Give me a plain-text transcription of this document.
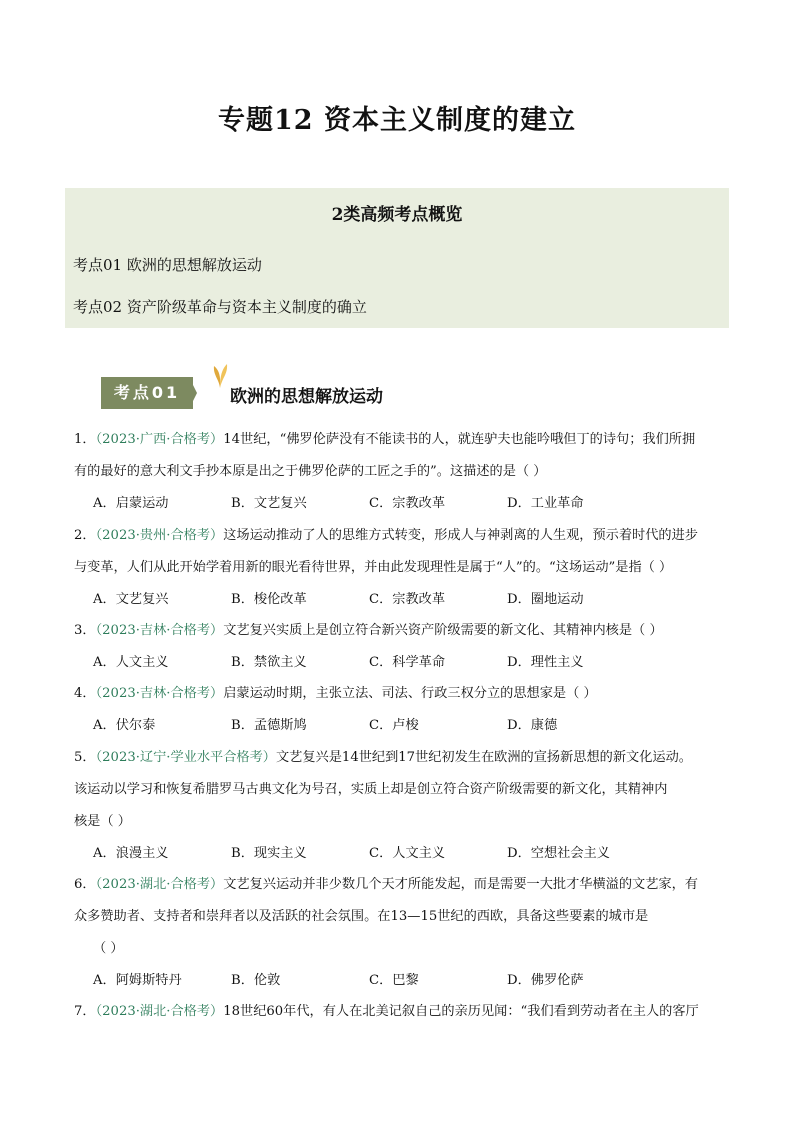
专题12 资本主义制度的建立
2类高频考点概览
考点01 欧洲的思想解放运动
考点02 资产阶级革命与资本主义制度的确立
考点01	欧洲的思想解放运动

1．（2023·广西·合格考）14世纪，“佛罗伦萨没有不能读书的人，就连驴夫也能吟哦但丁的诗句；我们所拥

有的最好的意大利文手抄本原是出之于佛罗伦萨的工匠之手的”。这描述的是（ ）

A．启蒙运动	B．文艺复兴	C．宗教改革	D．工业革命

2．（2023·贵州·合格考）这场运动推动了人的思维方式转变，形成人与神剥离的人生观，预示着时代的进步

与变革，人们从此开始学着用新的眼光看待世界，并由此发现理性是属于“人”的。“这场运动”是指（ ）

A．文艺复兴	B．梭伦改革	C．宗教改革	D．圈地运动

3．（2023·吉林·合格考）文艺复兴实质上是创立符合新兴资产阶级需要的新文化、其精神内核是（ ）

A．人文主义	B．禁欲主义	C．科学革命	D．理性主义

4．（2023·吉林·合格考）启蒙运动时期，主张立法、司法、行政三权分立的思想家是（ ）

A．伏尔泰	B．孟德斯鸠	C．卢梭	D．康德

5．（2023·辽宁·学业水平合格考）文艺复兴是14世纪到17世纪初发生在欧洲的宣扬新思想的新文化运动。

该运动以学习和恢复希腊罗马古典文化为号召，实质上却是创立符合资产阶级需要的新文化，其精神内

核是（ ）

A．浪漫主义	B．现实主义	C．人文主义	D．空想社会主义

6．（2023·湖北·合格考）文艺复兴运动并非少数几个天才所能发起，而是需要一大批才华横溢的文艺家，有

众多赞助者、支持者和崇拜者以及活跃的社会氛围。在13—15世纪的西欧，具备这些要素的城市是

（ ）

A．阿姆斯特丹	B．伦敦	C．巴黎	D．佛罗伦萨

7．（2023·湖北·合格考）18世纪60年代，有人在北美记叙自己的亲历见闻：“我们看到劳动者在主人的客厅
